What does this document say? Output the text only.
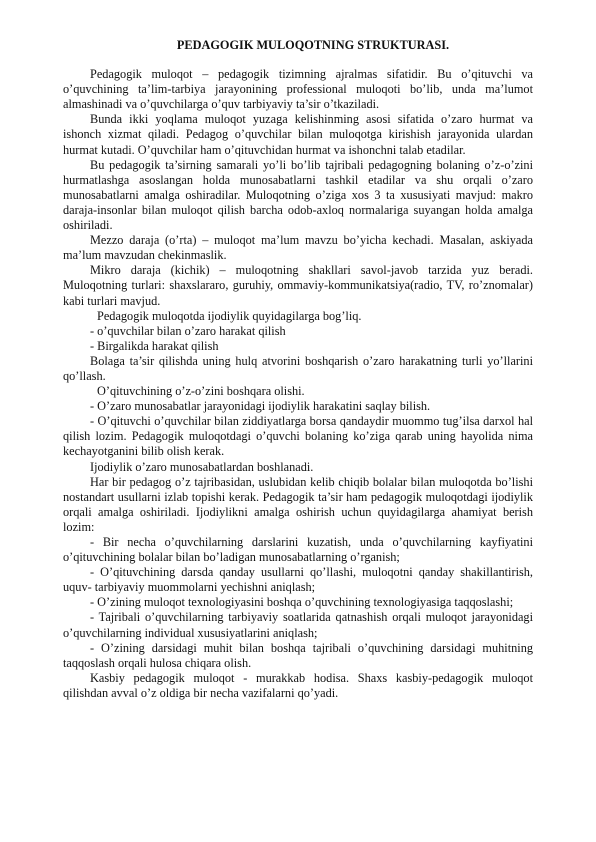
PEDAGOGIK MULOQOTNING STRUKTURASI.

Pedagogik muloqot – pedagogik tizimning ajralmas sifatidir. Bu o’qituvchi va o’quvchining ta’lim-tarbiya jarayonining professional muloqoti bo’lib, unda ma’lumot almashinadi va o’quvchilarga o’quv tarbiyaviy ta’sir o’tkaziladi.

Bunda ikki yoqlama muloqot yuzaga kelishinming asosi sifatida o’zaro hurmat va ishonch xizmat qiladi. Pedagog o’quvchilar bilan muloqotga kirishish jarayonida ulardan hurmat kutadi. O’quvchilar ham o’qituvchidan hurmat va ishonchni talab etadilar.

Bu pedagogik ta’sirning samarali yo’li bo’lib tajribali pedagogning bolaning o’z-o’zini hurmatlashga asoslangan holda munosabatlarni tashkil etadilar va shu orqali o’zaro munosabatlarni amalga oshiradilar. Muloqotning o’ziga xos 3 ta xususiyati mavjud: makro daraja-insonlar bilan muloqot qilish barcha odob-axloq normalariga suyangan holda amalga oshiriladi.

Mezzo daraja (o’rta) – muloqot ma’lum mavzu bo’yicha kechadi. Masalan, askiyada ma’lum mavzudan chekinmaslik.

Mikro daraja (kichik) – muloqotning shakllari savol-javob tarzida yuz beradi. Muloqotning turlari: shaxslararo, guruhiy, ommaviy-kommunikatsiya(radio, TV, ro’znomalar) kabi turlari mavjud.

Pedagogik muloqotda ijodiylik quyidagilarga bog’liq.

- o’quvchilar bilan o’zaro harakat qilish

- Birgalikda harakat qilish

Bolaga ta’sir qilishda uning hulq atvorini boshqarish o’zaro harakatning turli yo’llarini qo’llash.

O’qituvchining o’z-o’zini boshqara olishi.

- O’zaro munosabatlar jarayonidagi ijodiylik harakatini saqlay bilish.

- O’qituvchi o’quvchilar bilan ziddiyatlarga borsa qandaydir muommo tug’ilsa darxol hal qilish lozim. Pedagogik muloqotdagi o’quvchi bolaning ko’ziga qarab uning hayolida nima kechayotganini bilib olish kerak.

Ijodiylik o’zaro munosabatlardan boshlanadi.

Har bir pedagog o’z tajribasidan, uslubidan kelib chiqib bolalar bilan muloqotda bo’lishi nostandart usullarni izlab topishi kerak. Pedagogik ta’sir ham pedagogik muloqotdagi ijodiylik orqali amalga oshiriladi. Ijodiylikni amalga oshirish uchun quyidagilarga ahamiyat berish lozim:

- Bir necha o’quvchilarning darslarini kuzatish, unda o’quvchilarning kayfiyatini o’qituvchining bolalar bilan bo’ladigan munosabatlarning o’rganish;

- O’qituvchining darsda qanday usullarni qo’llashi, muloqotni qanday shakillantirish, uquv- tarbiyaviy muommolarni yechishni aniqlash;

- O’zining muloqot texnologiyasini boshqa o’quvchining texnologiyasiga taqqoslashi;

- Tajribali o’quvchilarning tarbiyaviy soatlarida qatnashish orqali muloqot jarayonidagi o’quvchilarning individual xususiyatlarini aniqlash;

- O’zining darsidagi muhit bilan boshqa tajribali o’quvchining darsidagi muhitning taqqoslash orqali hulosa chiqara olish.

Kasbiy pedagogik muloqot - murakkab hodisa. Shaxs kasbiy-pedagogik muloqot qilishdan avval o’z oldiga bir necha vazifalarni qo’yadi.
